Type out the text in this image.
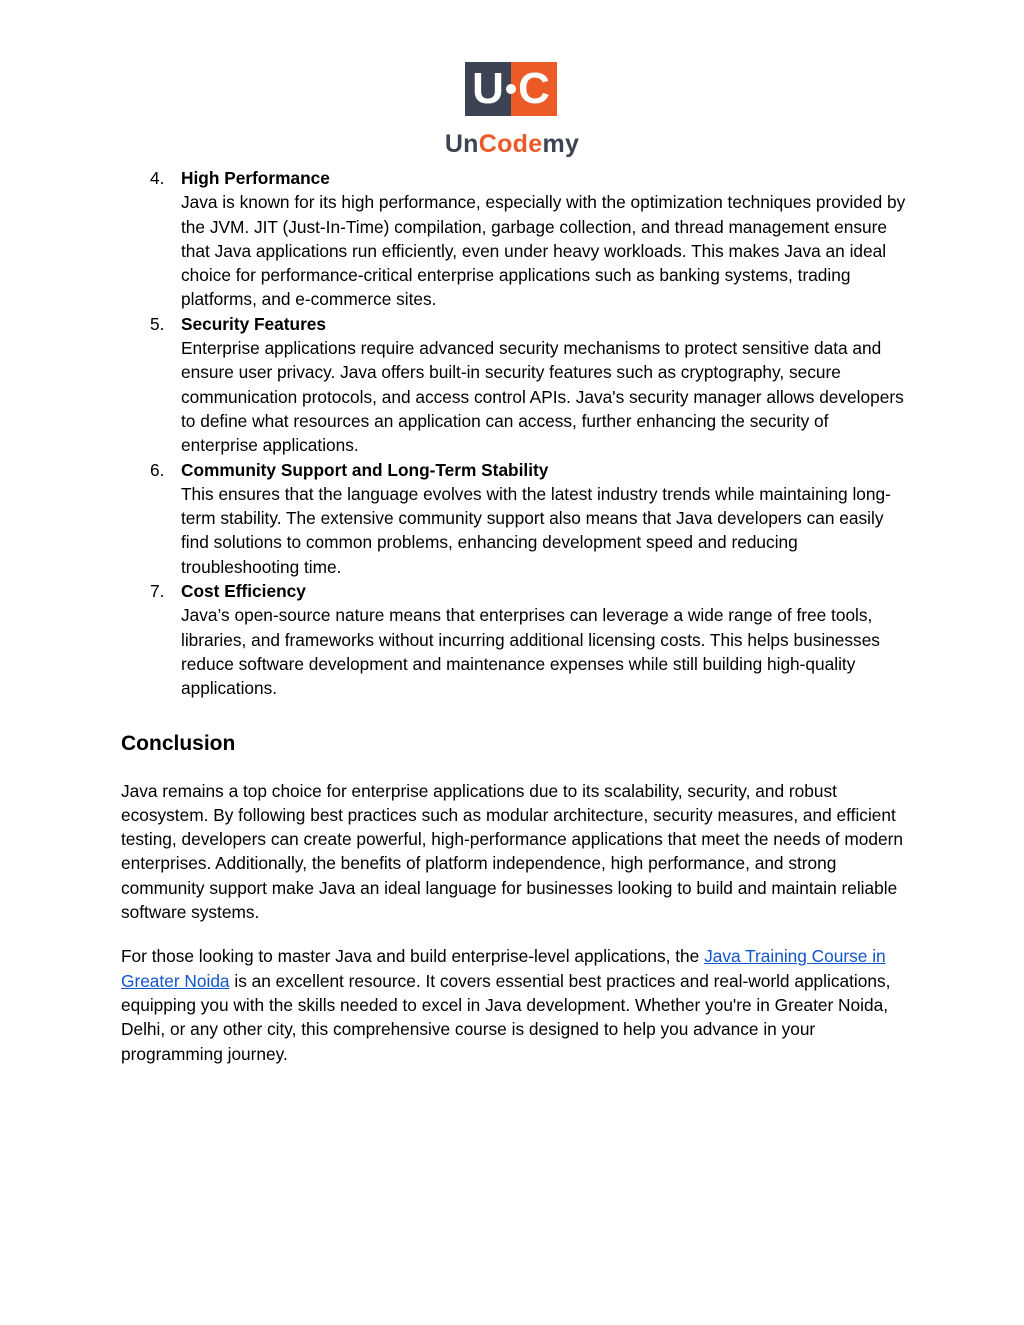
U C
UnCodemy
4. High Performance
Java is known for its high performance, especially with the optimization techniques provided by the JVM. JIT (Just-In-Time) compilation, garbage collection, and thread management ensure that Java applications run efficiently, even under heavy workloads. This makes Java an ideal choice for performance-critical enterprise applications such as banking systems, trading platforms, and e-commerce sites.
5. Security Features
Enterprise applications require advanced security mechanisms to protect sensitive data and ensure user privacy. Java offers built-in security features such as cryptography, secure communication protocols, and access control APIs. Java's security manager allows developers to define what resources an application can access, further enhancing the security of enterprise applications.
6. Community Support and Long-Term Stability
This ensures that the language evolves with the latest industry trends while maintaining long-term stability. The extensive community support also means that Java developers can easily find solutions to common problems, enhancing development speed and reducing troubleshooting time.
7. Cost Efficiency
Java’s open-source nature means that enterprises can leverage a wide range of free tools, libraries, and frameworks without incurring additional licensing costs. This helps businesses reduce software development and maintenance expenses while still building high-quality applications.
Conclusion

Java remains a top choice for enterprise applications due to its scalability, security, and robust ecosystem. By following best practices such as modular architecture, security measures, and efficient testing, developers can create powerful, high-performance applications that meet the needs of modern enterprises. Additionally, the benefits of platform independence, high performance, and strong community support make Java an ideal language for businesses looking to build and maintain reliable software systems.

For those looking to master Java and build enterprise-level applications, the Java Training Course in Greater Noida is an excellent resource. It covers essential best practices and real-world applications, equipping you with the skills needed to excel in Java development. Whether you're in Greater Noida, Delhi, or any other city, this comprehensive course is designed to help you advance in your programming journey.
